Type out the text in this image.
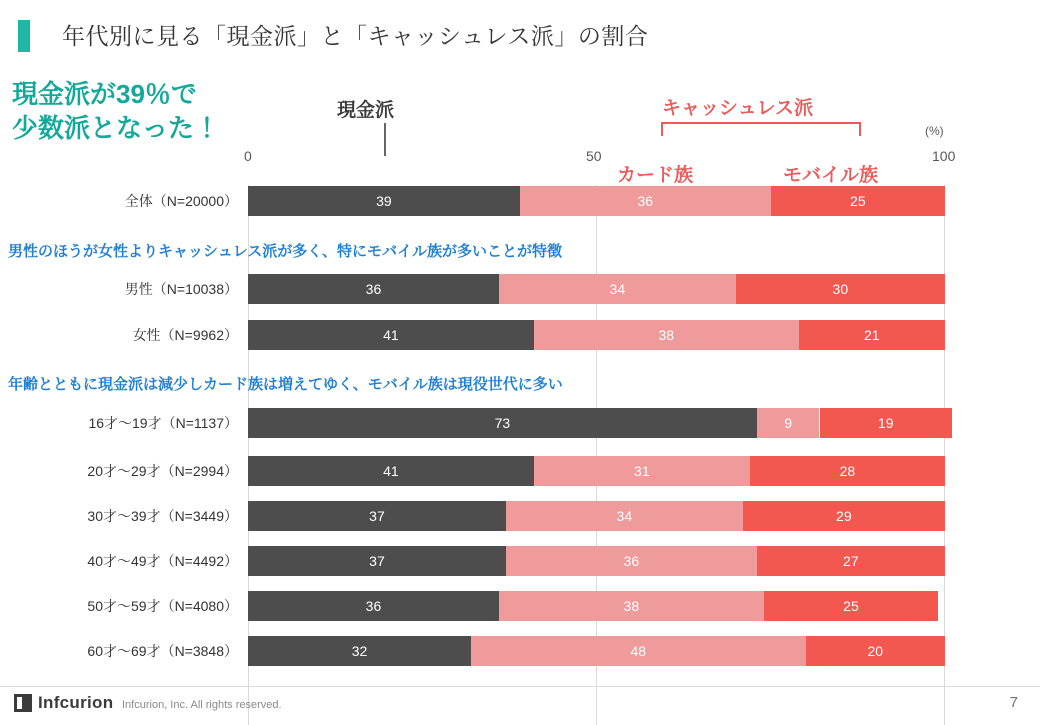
年代別に見る「現金派」と「キャッシュレス派」の割合
現金派が39％で
少数派となった！
現金派	キャッシュレス派
カード族	モバイル族
(%)
0	50	100
男性のほうが女性よりキャッシュレス派が多く、特にモバイル族が多いことが特徴
年齢とともに現金派は減少しカード族は増えてゆく、モバイル族は現役世代に多い
全体（N=20000）	39	36	25
男性（N=10038）	36	34	30
女性（N=9962）	41	38	21
16才〜19才（N=1137）	73	9	19
20才〜29才（N=2994）	41	31	28
30才〜39才（N=3449）	37	34	29
40才〜49才（N=4492）	37	36	27
50才〜59才（N=4080）	36	38	25
60才〜69才（N=3848）	32	48	20
Infcurion Infcurion, Inc. All rights reserved.	7
